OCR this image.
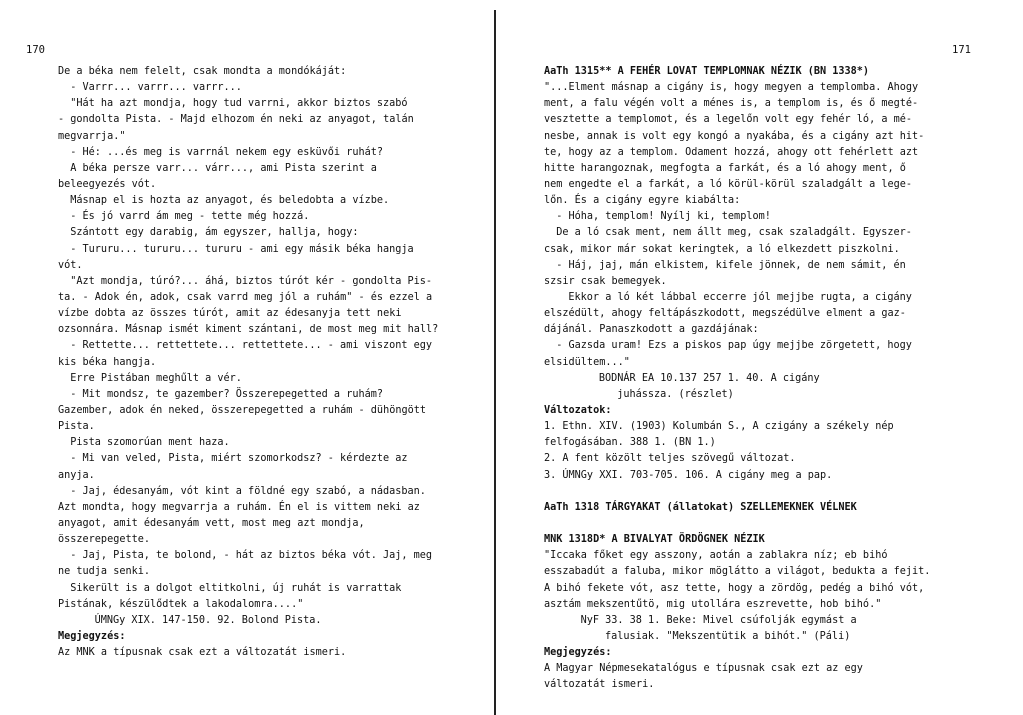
170
De a béka nem felelt, csak mondta a mondókáját:
- Varrr... varrr... varrr...
"Hát ha azt mondja, hogy tud varrni, akkor biztos szabó
- gondolta Pista. - Majd elhozom én neki az anyagot, talán
megvarrja."
- Hé: ...és meg is varrnál nekem egy esküvői ruhát?
A béka persze varr... várr..., ami Pista szerint a
beleegyezés vót.
Másnap el is hozta az anyagot, és beledobta a vízbe.
- És jó varrd ám meg - tette még hozzá.
Szántott egy darabig, ám egyszer, hallja, hogy:
- Tururu... tururu... tururu - ami egy másik béka hangja
vót.
"Azt mondja, túró?... áhá, biztos túrót kér - gondolta Pis-
ta. - Adok én, adok, csak varrd meg jól a ruhám" - és ezzel a
vízbe dobta az összes túrót, amit az édesanyja tett neki
ozsonnára. Másnap ismét kiment szántani, de most meg mit hall?
- Rettette... rettettete... rettettete... - ami viszont egy
kis béka hangja.
Erre Pistában meghűlt a vér.
- Mit mondsz, te gazember? Összerepegetted a ruhám?
Gazember, adok én neked, összerepegetted a ruhám - dühöngött
Pista.
Pista szomorúan ment haza.
- Mi van veled, Pista, miért szomorkodsz? - kérdezte az
anyja.
- Jaj, édesanyám, vót kint a földné egy szabó, a nádasban.
Azt mondta, hogy megvarrja a ruhám. Én el is vittem neki az
anyagot, amit édesanyám vett, most meg azt mondja,
összerepegette.
- Jaj, Pista, te bolond, - hát az biztos béka vót. Jaj, meg
ne tudja senki.
Sikerült is a dolgot eltitkolni, új ruhát is varrattak
Pistának, készülődtek a lakodalomra...."
ÚMNGy XIX. 147-150. 92. Bolond Pista.
Megjegyzés:
Az MNK a típusnak csak ezt a változatát ismeri.
171
AaTh 1315** A FEHÉR LOVAT TEMPLOMNAK NÉZIK (BN 1338*)
"...Elment másnap a cigány is, hogy megyen a templomba. Ahogy
ment, a falu végén volt a ménes is, a templom is, és ő megté-
vesztette a templomot, és a legelőn volt egy fehér ló, a mé-
nesbe, annak is volt egy kongó a nyakába, és a cigány azt hit-
te, hogy az a templom. Odament hozzá, ahogy ott fehérlett azt
hitte harangoznak, megfogta a farkát, és a ló ahogy ment, ő
nem engedte el a farkát, a ló körül-körül szaladgált a lege-
lőn. És a cigány egyre kiabálta:
- Hóha, templom! Nyílj ki, templom!
De a ló csak ment, nem állt meg, csak szaladgált. Egyszer-
csak, mikor már sokat keringtek, a ló elkezdett piszkolni.
- Háj, jaj, mán elkistem, kifele jönnek, de nem sámit, én
szsir csak bemegyek.
Ekkor a ló két lábbal eccerre jól mejjbe rugta, a cigány
elszédült, ahogy feltápászkodott, megszédülve elment a gaz-
dájánál. Panaszkodott a gazdájának:
- Gazsda uram! Ezs a piskos pap úgy mejjbe zörgetett, hogy
elsidültem..."
BODNÁR EA 10.137 257 1. 40. A cigány
juhássza. (részlet)
Változatok:
1. Ethn. XIV. (1903) Kolumbán S., A czigány a székely nép
felfogásában. 388 1. (BN 1.)
2. A fent közölt teljes szövegű változat.
3. ÚMNGy XXI. 703-705. 106. A cigány meg a pap.
AaTh 1318 TÁRGYAKAT (állatokat) SZELLEMEKNEK VÉLNEK
MNK 1318D* A BIVALYAT ÖRDÖGNEK NÉZIK
"Iccaka főket egy asszony, aotán a zablakra níz; eb bihó
esszabadút a faluba, mikor möglátto a világot, bedukta a fejit.
A bihó fekete vót, asz tette, hogy a zördög, pedég a bihó vót,
asztám mekszentűtö, mig utollára eszrevette, hob bihó."
NyF 33. 38 1. Beke: Mivel csúfolják egymást a
falusiak. "Mekszentütik a bihót." (Páli)
Megjegyzés:
A Magyar Népmesekatalógus e típusnak csak ezt az egy
változatát ismeri.
